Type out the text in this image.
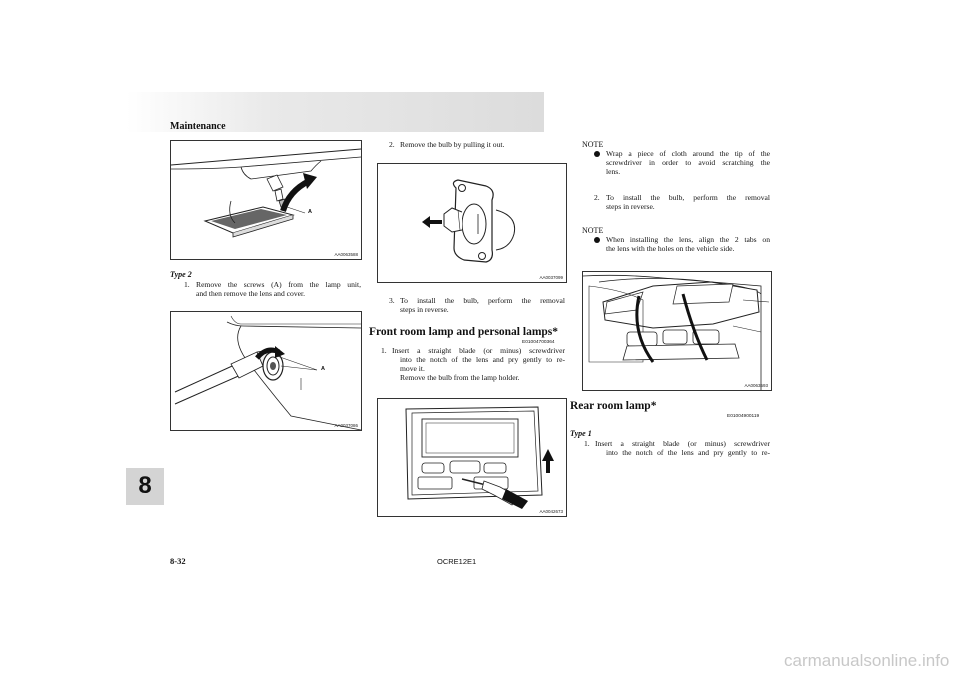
Maintenance
A
AA0063588
Type 2
1. Remove the screws (A) from the lamp unit,
and then remove the lens and cover.
A
AA0037086
2. Remove the bulb by pulling it out.
AA0037099
3. To install the bulb, perform the removal
steps in reverse.
Front room lamp and personal lamps*
E01004700364
1. Insert a straight blade (or minus) screwdriver
into the notch of the lens and pry gently to re-
move it.
Remove the bulb from the lamp holder.
AA0042673
NOTE
Wrap a piece of cloth around the tip of the
screwdriver in order to avoid scratching the
lens.
2. To install the bulb, perform the removal
steps in reverse.
NOTE
When installing the lens, align the 2 tabs on
the lens with the holes on the vehicle side.
AA0063593
Rear room lamp*
E01004900119
Type 1
1. Insert a straight blade (or minus) screwdriver
into the notch of the lens and pry gently to re-
8
8-32	OCRE12E1
carmanualsonline.info
